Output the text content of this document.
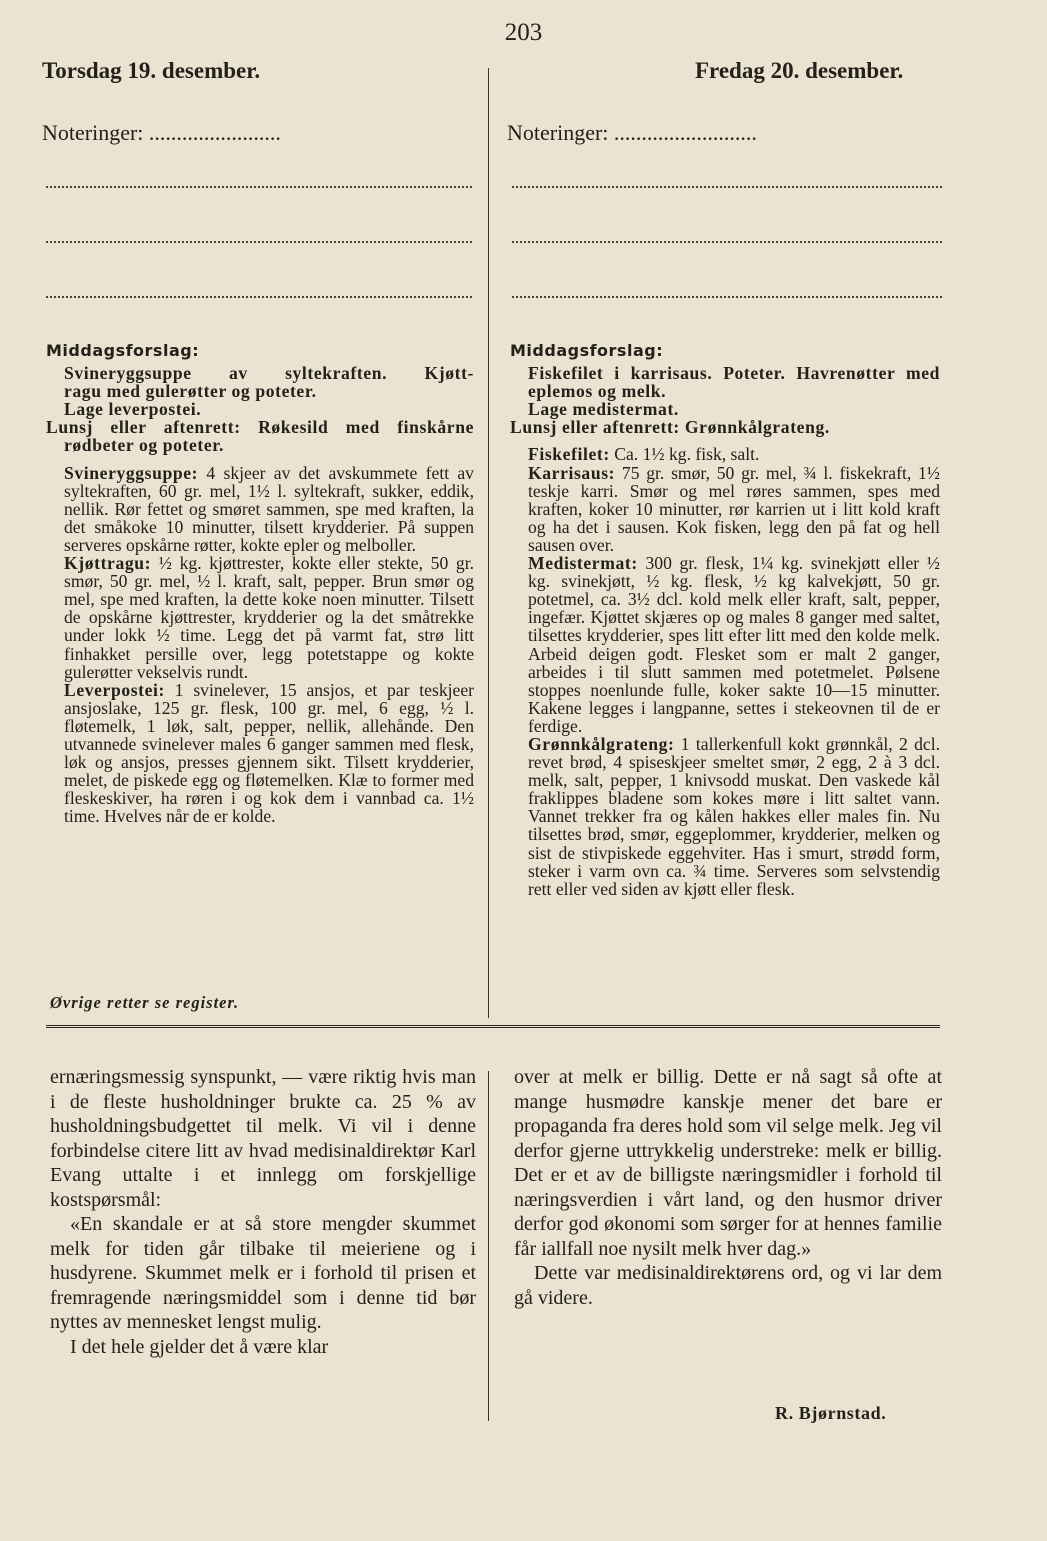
203
Torsdag 19. desember.	Fredag 20. desember.
Noteringer: ........................	Noteringer: ..........................

Middagsforslag:

Svineryggsuppe av syltekraften. Kjøtt-

ragu med gulerøtter og poteter.

Lage leverpostei.

Lunsj eller aftenrett: Røkesild med finskårne rødbeter og poteter.

Svineryggsuppe: 4 skjeer av det avskummete fett av syltekraften, 60 gr. mel, 1½ l. syltekraft, sukker, eddik, nellik. Rør fettet og smøret sammen, spe med kraften, la det småkoke 10 minutter, tilsett krydderier. På suppen serveres opskårne røtter, kokte epler og melboller.

Kjøttragu: ½ kg. kjøttrester, kokte eller stekte, 50 gr. smør, 50 gr. mel, ½ l. kraft, salt, pepper. Brun smør og mel, spe med kraften, la dette koke noen minutter. Tilsett de opskårne kjøttrester, krydderier og la det småtrekke under lokk ½ time. Legg det på varmt fat, strø litt finhakket persille over, legg potetstappe og kokte gulerøtter vekselvis rundt.

Leverpostei: 1 svinelever, 15 ansjos, et par teskjeer ansjoslake, 125 gr. flesk, 100 gr. mel, 6 egg, ½ l. fløtemelk, 1 løk, salt, pepper, nellik, allehånde. Den utvannede svinelever males 6 ganger sammen med flesk, løk og ansjos, presses gjennem sikt. Tilsett krydderier, melet, de piskede egg og fløtemelken. Klæ to former med fleskeskiver, ha røren i og kok dem i vannbad ca. 1½ time. Hvelves når de er kolde.

Øvrige retter se register.

Middagsforslag:

Fiskefilet i karrisaus. Poteter. Havrenøtter med eplemos og melk.

Lage medistermat.

Lunsj eller aftenrett: Grønnkålgrateng.

Fiskefilet: Ca. 1½ kg. fisk, salt.

Karrisaus: 75 gr. smør, 50 gr. mel, ¾ l. fiskekraft, 1½ teskje karri. Smør og mel røres sammen, spes med kraften, koker 10 minutter, rør karrien ut i litt kold kraft og ha det i sausen. Kok fisken, legg den på fat og hell sausen over.

Medistermat: 300 gr. flesk, 1¼ kg. svinekjøtt eller ½ kg. svinekjøtt, ½ kg. flesk, ½ kg kalvekjøtt, 50 gr. potetmel, ca. 3½ dcl. kold melk eller kraft, salt, pepper, ingefær. Kjøttet skjæres op og males 8 ganger med saltet, tilsettes krydderier, spes litt efter litt med den kolde melk. Arbeid deigen godt. Flesket som er malt 2 ganger, arbeides i til slutt sammen med potetmelet. Pølsene stoppes noenlunde fulle, koker sakte 10—15 minutter. Kakene legges i langpanne, settes i stekeovnen til de er ferdige.

Grønnkålgrateng: 1 tallerkenfull kokt grønnkål, 2 dcl. revet brød, 4 spiseskjeer smeltet smør, 2 egg, 2 à 3 dcl. melk, salt, pepper, 1 knivsodd muskat. Den vaskede kål fraklippes bladene som kokes møre i litt saltet vann. Vannet trekker fra og kålen hakkes eller males fin. Nu tilsettes brød, smør, eggeplommer, krydderier, melken og sist de stivpiskede eggehviter. Has i smurt, strødd form, steker i varm ovn ca. ¾ time. Serveres som selvstendig rett eller ved siden av kjøtt eller flesk.

ernæringsmessig synspunkt, — være riktig hvis man i de fleste husholdninger brukte ca. 25 % av husholdningsbudgettet til melk. Vi vil i denne forbindelse citere litt av hvad medisinaldirektør Karl Evang uttalte i et innlegg om forskjellige kostspørsmål:

«En skandale er at så store mengder skummet melk for tiden går tilbake til meieriene og i husdyrene. Skummet melk er i forhold til prisen et fremragende næringsmiddel som i denne tid bør nyttes av mennesket lengst mulig.

I det hele gjelder det å være klar

over at melk er billig. Dette er nå sagt så ofte at mange husmødre kanskje mener det bare er propaganda fra deres hold som vil selge melk. Jeg vil derfor gjerne uttrykkelig understreke: melk er billig. Det er et av de billigste næringsmidler i forhold til næringsverdien i vårt land, og den husmor driver derfor god økonomi som sørger for at hennes familie får iallfall noe nysilt melk hver dag.»

Dette var medisinaldirektørens ord, og vi lar dem gå videre.

R. Bjørnstad.
